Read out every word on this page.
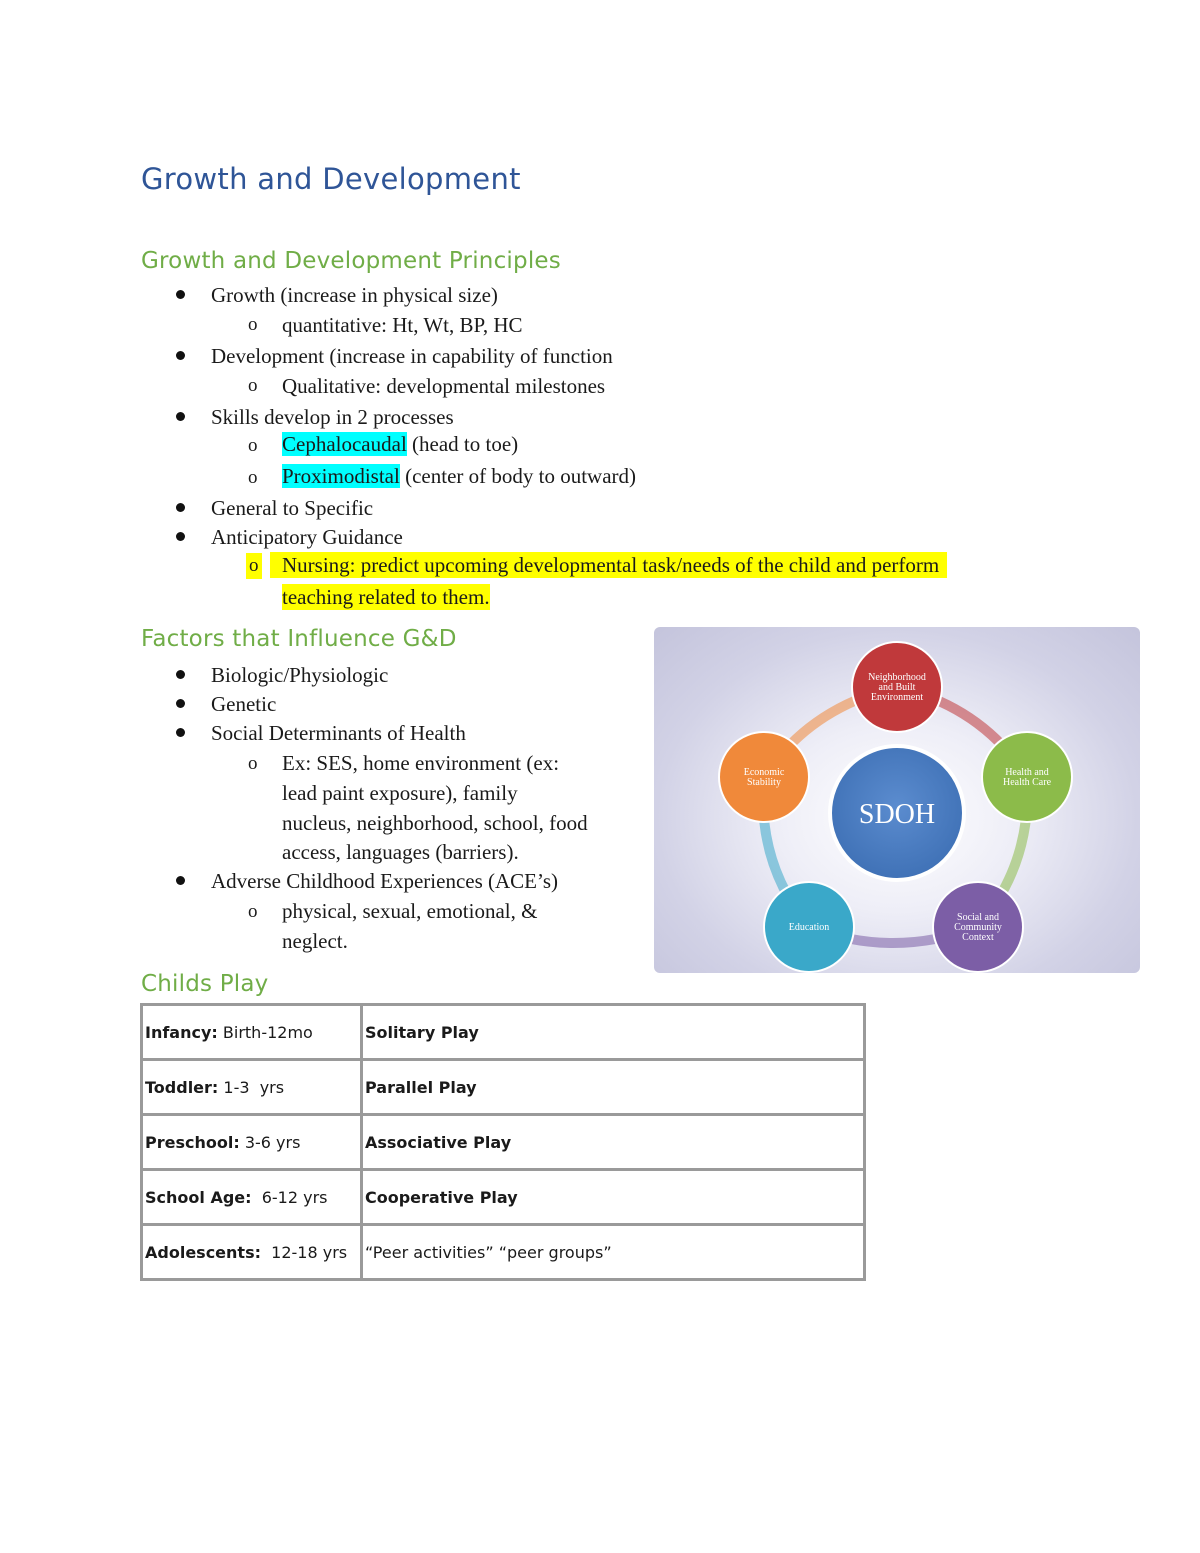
Growth and Development
Growth and Development Principles
Growth (increase in physical size)
o quantitative: Ht, Wt, BP, HC
Development (increase in capability of function
o Qualitative: developmental milestones
Skills develop in 2 processes
o Cephalocaudal (head to toe)
o Proximodistal (center of body to outward)
General to Specific
Anticipatory Guidance
o	Nursing: predict upcoming developmental task/needs of the child and perform
teaching related to them.
Factors that Influence G&D
Biologic/Physiologic
Genetic
Social Determinants of Health
o Ex: SES, home environment (ex:
lead paint exposure), family
nucleus, neighborhood, school, food
access, languages (barriers).
Adverse Childhood Experiences (ACE’s)
o physical, sexual, emotional, &
neglect.
SDOH
Neighborhood
and Built
Environment
Health and
Health Care
Social and
Community
Context
Education
Economic
Stability
Childs Play
Infancy: Birth-12mo	Solitary Play
Toddler: 1-3  yrs	Parallel Play
Preschool: 3-6 yrs	Associative Play
School Age:  6-12 yrs	Cooperative Play
Adolescents:  12-18 yrs	“Peer activities” “peer groups”
